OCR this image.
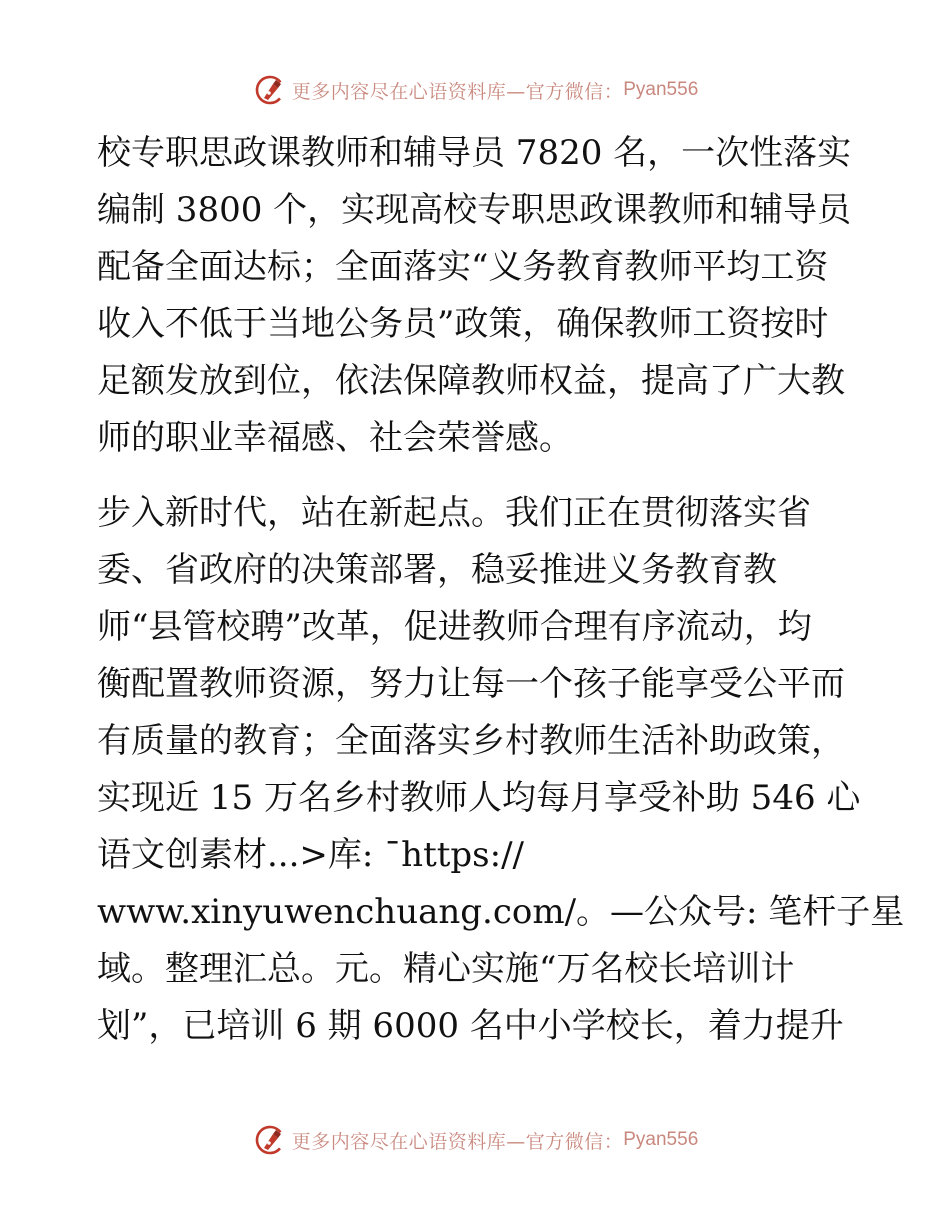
更多内容尽在心语资料库—官方微信： Pyan556
校专职思政课教师和辅导员 7820 名，一次性落实
编制 3800 个，实现高校专职思政课教师和辅导员
配备全面达标；全面落实“义务教育教师平均工资
收入不低于当地公务员”政策，确保教师工资按时
足额发放到位，依法保障教师权益，提高了广大教
师的职业幸福感、社会荣誉感。
步入新时代，站在新起点。我们正在贯彻落实省
委、省政府的决策部署，稳妥推进义务教育教
师“县管校聘”改革，促进教师合理有序流动，均
衡配置教师资源，努力让每一个孩子能享受公平而
有质量的教育；全面落实乡村教师生活补助政策，
实现近 15 万名乡村教师人均每月享受补助 546 心
语文创素材...>库: ¯https://
www.xinyuwenchuang.com/。—公众号: 笔杆子星
域。整理汇总。元。精心实施“万名校长培训计
划”，已培训 6 期 6000 名中小学校长，着力提升
更多内容尽在心语资料库—官方微信： Pyan556
